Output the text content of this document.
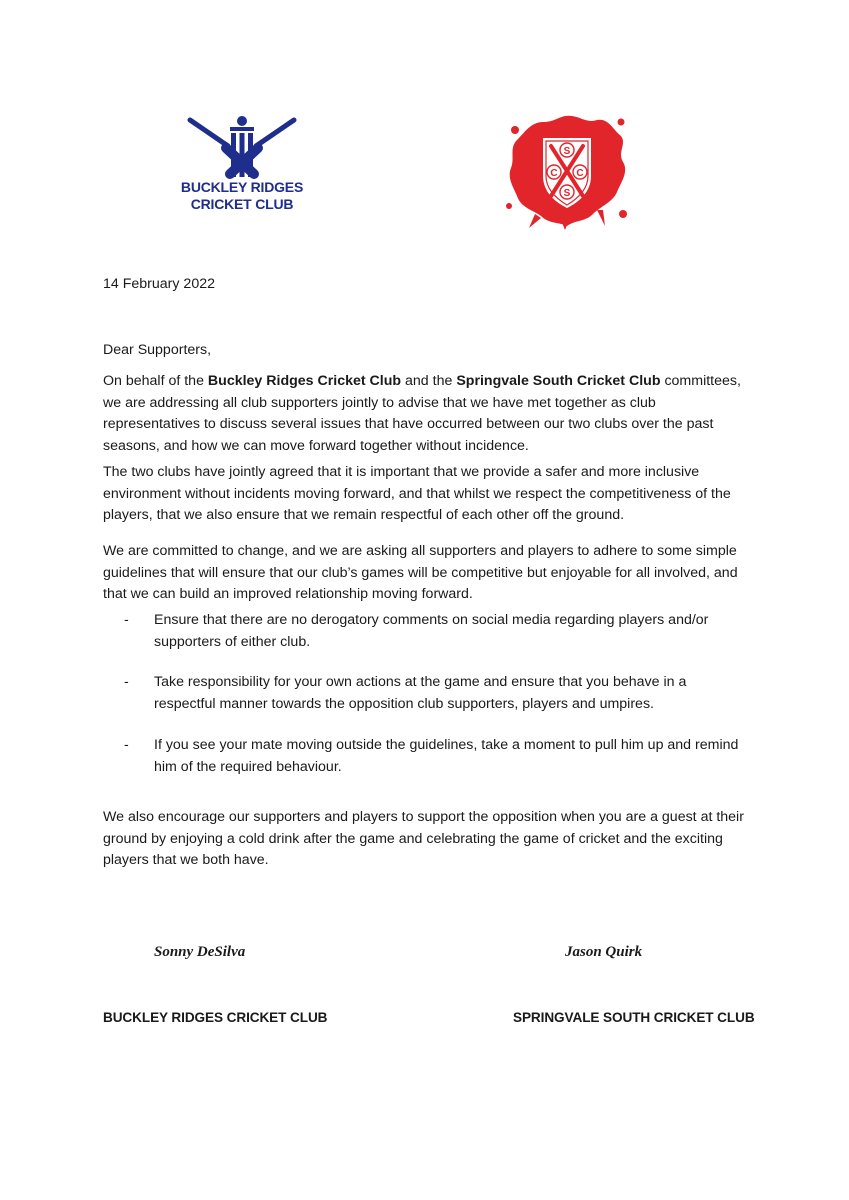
BUCKLEY RIDGES
CRICKET CLUB
S
C C
S
14 February 2022
Dear Supporters,
On behalf of the Buckley Ridges Cricket Club and the Springvale South Cricket Club committees, we are addressing all club supporters jointly to advise that we have met together as club representatives to discuss several issues that have occurred between our two clubs over the past seasons, and how we can move forward together without incidence.
The two clubs have jointly agreed that it is important that we provide a safer and more inclusive environment without incidents moving forward, and that whilst we respect the competitiveness of the players, that we also ensure that we remain respectful of each other off the ground.
We are committed to change, and we are asking all supporters and players to adhere to some simple guidelines that will ensure that our club’s games will be competitive but enjoyable for all involved, and that we can build an improved relationship moving forward.
- Ensure that there are no derogatory comments on social media regarding players and/or supporters of either club.
- Take responsibility for your own actions at the game and ensure that you behave in a respectful manner towards the opposition club supporters, players and umpires.
- If you see your mate moving outside the guidelines, take a moment to pull him up and remind him of the required behaviour.
We also encourage our supporters and players to support the opposition when you are a guest at their ground by enjoying a cold drink after the game and celebrating the game of cricket and the exciting players that we both have.
Sonny DeSilva	Jason Quirk
BUCKLEY RIDGES CRICKET CLUB	SPRINGVALE SOUTH CRICKET CLUB
